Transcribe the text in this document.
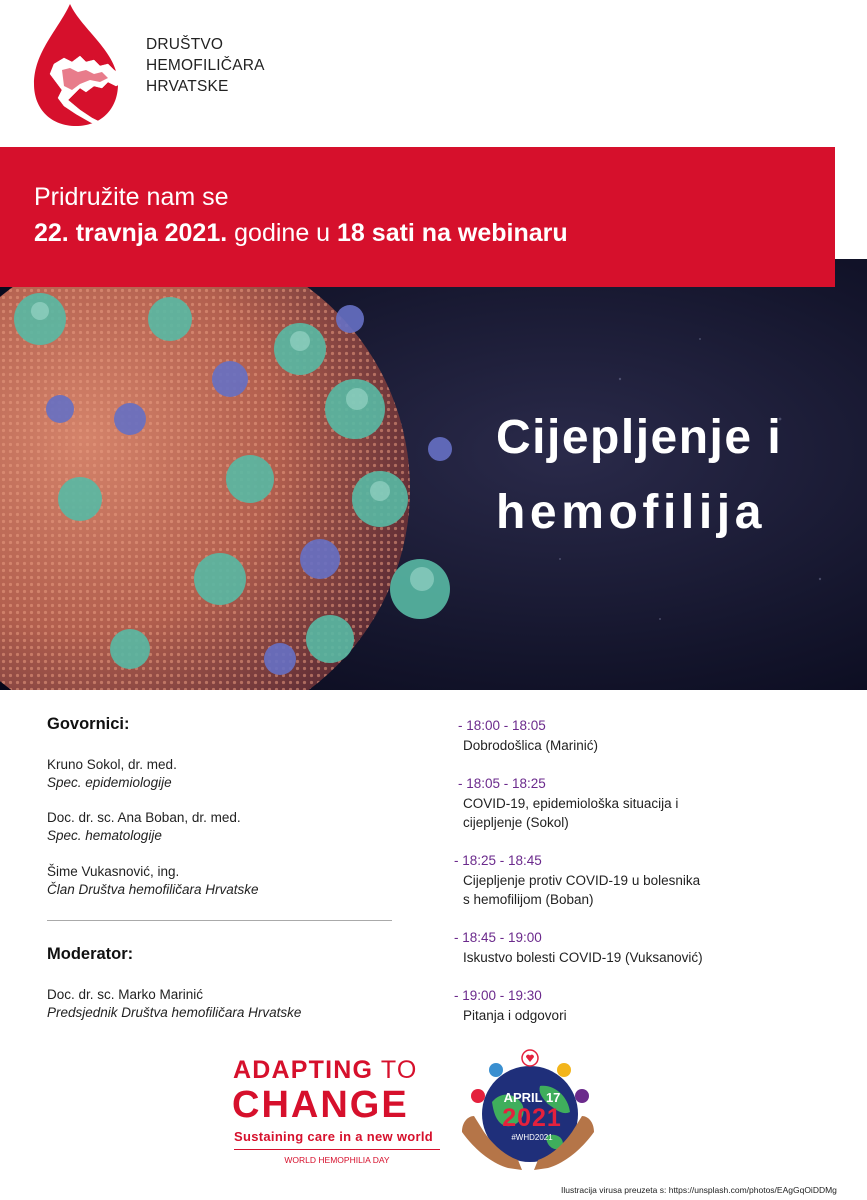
DRUŠTVO
HEMOFILIČARA
HRVATSKE
Pridružite nam se
22. travnja 2021. godine u 18 sati na webinaru
Cijepljenje i
hemofilija
Govornici:
Kruno Sokol, dr. med.
Spec. epidemiologije
Doc. dr. sc. Ana Boban, dr. med.
Spec. hematologije
Šime Vukasnović, ing.
Član Društva hemofiličara Hrvatske
Moderator:
Doc. dr. sc. Marko Marinić
Predsjednik Društva hemofiličara Hrvatske
- 18:00 - 18:05
Dobrodošlica (Marinić)
- 18:05 - 18:25
COVID-19, epidemiološka situacija i
cijepljenje (Sokol)
- 18:25 - 18:45
Cijepljenje protiv COVID-19 u bolesnika
s hemofilijom (Boban)
- 18:45 - 19:00
Iskustvo bolesti COVID-19 (Vuksanović)
- 19:00 - 19:30
Pitanja i odgovori
ADAPTING TO
CHANGE
Sustaining care in a new world
WORLD HEMOPHILIA DAY
APRIL 17
2021
#WHD2021
Ilustracija virusa preuzeta s: https://unsplash.com/photos/EAgGqOiDDMg
